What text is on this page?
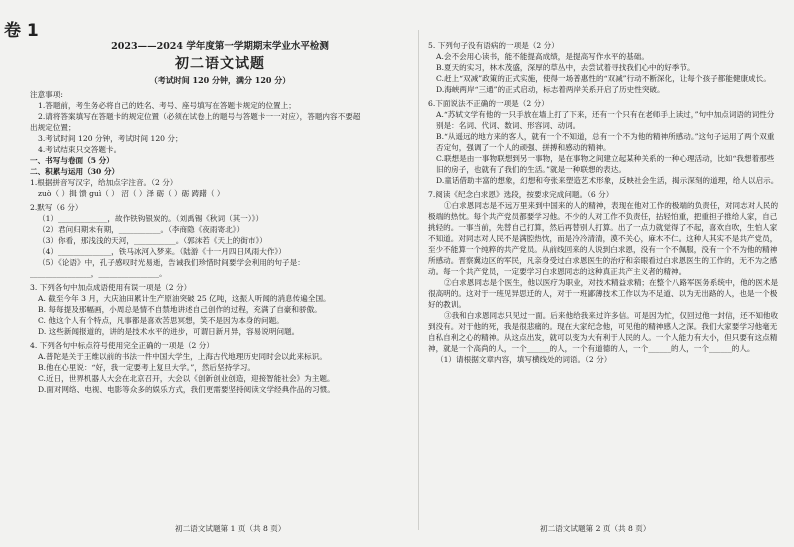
卷 1
2023——2024 学年度第一学期期末学业水平检测
初二语文试题
（考试时间 120 分钟，满分 120 分）
注意事项:
1.答题前，考生务必将自己的姓名、考号、座号填写在答题卡规定的位置上；
2.请将答案填写在答题卡的规定位置（必须在试卷上的题号与答题卡一一对应），答题内容不要超
出规定位置；
3.考试时间 120 分钟，考试时间 120 分；
4.考试结束只交答题卡。
一、书写与卷面（5 分）
二、积累与运用（30 分）
1.根据拼音写汉字，给加点字注音。（2 分）
zuò（ ）揖 馈 guì（ ） 沼（ ）泽 砺（ ）砺 踌躇（ ）
2.默写（6 分）
（1）_____________，故作铁钩银炭的。（刘禹锡《秋词（其一）》）
（2）君问归期未有期，___________。（李商隐《夜雨寄北》）
（3）你看，那浅浅的天河，___________。（郭沫若《天上的街市》）
（4）______________，铁马冰河入梦来。（陆游《十一月四日风雨大作》）
（5）《论语》中，孔子感叹时光易逝，告诫我们珍惜时间要学会利用的句子是：
________________，________________。
3. 下列各句中加点成语使用有误一项是（2 分）
A. 截至今年 3 月，大庆油田累计生产原油突破 25 亿吨，这振人听闻的消息传遍全国。
B. 每每提及那幅画，小周总是情不自禁地讲述自己创作的过程，充满了自豪和骄傲。
C. 他这个人有个特点，凡事都是喜欢苦思冥想，笑不是因为本身的问题。
D. 这些新闻报道的，讲的是技术水平的进步，可谓日新月异，容易说明问题。
4. 下列各句中标点符号使用完全正确的一项是（2 分）
A.普陀是关于王维以前的书法一件中国大学生，上海古代地理历史同时会以此来标识。
B.他在心里说：“好，我一定要考上复旦大学。”，然后坚持学习。
C.近日，世界机器人大会在北京召开，大会以《创新创业创造，迎接智能社会》为主题。
D.面对网络、电视、电影等众多的娱乐方式，我们更需要坚持阅读文学经典作品的习惯。
5. 下列句子没有语病的一项是（2 分）
A.会不会用心读书，能不能提高成绩，是提高写作水平的基础。
B.夏天的实习，林木茂盛，深厚的草丛中，去尝试着寻找我们心中的好季节。
C.赶上“双减”政策的正式实施，使得一场普惠性的“双减”行动不断深化，让每个孩子都能健康成长。
D.海峡两岸“三通”的正式启动，标志着两岸关系开启了历史性突破。
6.下面说法不正确的一项是（2 分）
A.“苏轼文学有他的一只手放在墙上打了下来，还有一个只有在老师手上读过，”句中加点词语的词性分别是：名词、代词、数词、形容词、动词。
B.“从遥远的地方来的客人，就有一个不知道，总有一个不为他的精神所感动。”这句子运用了两个双重否定句，强调了一个人的顽强、拼搏和感动的精神。
C.联想是由一事物联想到另一事物，是在事物之间建立起某种关系的一种心理活动，比如“我想着那些旧的房子，也就有了我们的生活。”就是一种联想的表达。
D.童话借助丰富的想象，幻想和夸张来塑造艺术形象，反映社会生活，揭示深刻的道理，给人以启示。
7.阅读《纪念白求恩》选段，按要求完成问题。（6 分）
①白求恩同志是不远万里来到中国来的人的精神，表现在他对工作的极端的负责任，对同志对人民的极端的热忱。每个共产党员都要学习他。不少的人对工作不负责任，拈轻怕重，把重担子推给人家，自己挑轻的。一事当前，先替自己打算，然后再替别人打算。出了一点力就觉得了不起，喜欢自吹，生怕人家不知道。对同志对人民不是满腔热忱，而是冷冷清清，漠不关心，麻木不仁。这种人其实不是共产党员，至少不能算一个纯粹的共产党员。从前线回来的人说到白求恩，没有一个不佩服，没有一个不为他的精神所感动。晋察冀边区的军民，凡亲身受过白求恩医生的治疗和亲眼看过白求恩医生的工作的，无不为之感动。每一个共产党员，一定要学习白求恩同志的这种真正共产主义者的精神。
②白求恩同志是个医生，他以医疗为职业，对技术精益求精；在整个八路军医务系统中，他的医术是很高明的。这对于一班见异思迁的人，对于一班鄙薄技术工作以为不足道、以为无出路的人，也是一个极好的教训。
③我和白求恩同志只见过一面。后来他给我来过许多信。可是因为忙，仅回过他一封信，还不知他收到没有。对于他的死，我是很悲痛的。现在大家纪念他，可见他的精神感人之深。我们大家要学习他毫无自私自利之心的精神。从这点出发，就可以变为大有利于人民的人。一个人能力有大小，但只要有这点精神，就是一个高尚的人，一个______的人，一个有道德的人，一个______的人，一个______的人。
（1）请根据文章内容，填写横线处的词语。（2 分）
初二语文试题第 1 页（共 8 页）	初二语文试题第 2 页（共 8 页）
